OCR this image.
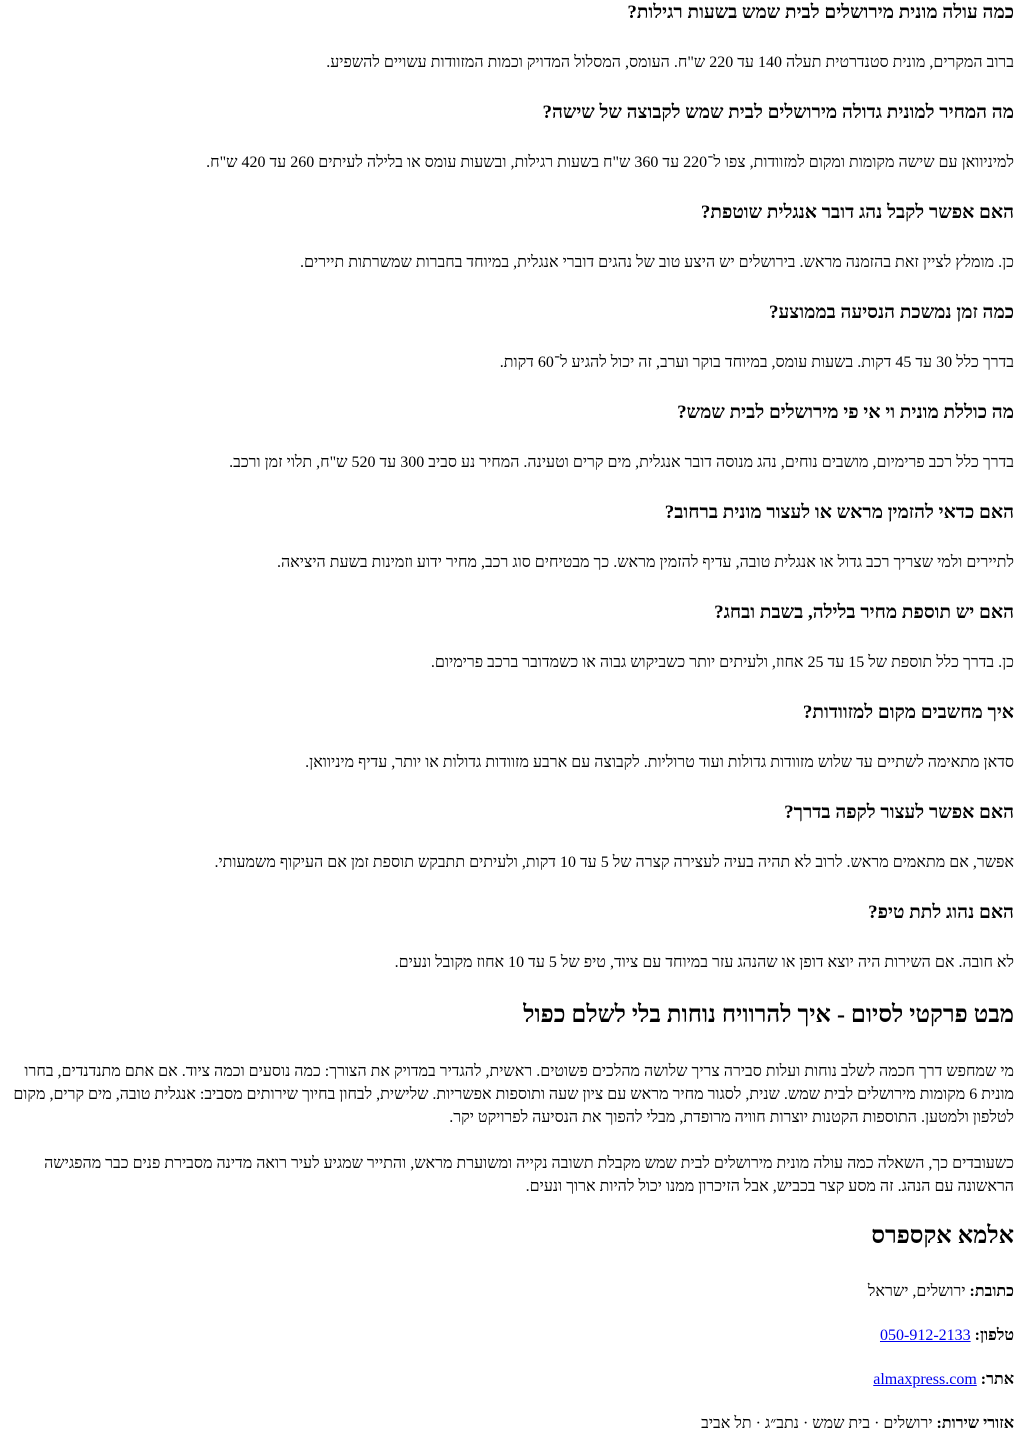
כמה עולה מונית מירושלים לבית שמש בשעות רגילות?

ברוב המקרים, מונית סטנדרטית תעלה 140 עד 220 ש"ח. העומס, המסלול המדויק וכמות המזוודות עשויים להשפיע.

מה המחיר למונית גדולה מירושלים לבית שמש לקבוצה של שישה?

למיניוואן עם שישה מקומות ומקום למזוודות, צפו ל־220 עד 360 ש"ח בשעות רגילות, ובשעות עומס או בלילה לעיתים 260 עד 420 ש"ח.

האם אפשר לקבל נהג דובר אנגלית שוטפת?

כן. מומלץ לציין זאת בהזמנה מראש. בירושלים יש היצע טוב של נהגים דוברי אנגלית, במיוחד בחברות שמשרתות תיירים.

כמה זמן נמשכת הנסיעה בממוצע?

בדרך כלל 30 עד 45 דקות. בשעות עומס, במיוחד בוקר וערב, זה יכול להגיע ל־60 דקות.

מה כוללת מונית וי אי פי מירושלים לבית שמש?

בדרך כלל רכב פרימיום, מושבים נוחים, נהג מנוסה דובר אנגלית, מים קרים וטעינה. המחיר נע סביב 300 עד 520 ש"ח, תלוי זמן ורכב.

האם כדאי להזמין מראש או לעצור מונית ברחוב?

לתיירים ולמי שצריך רכב גדול או אנגלית טובה, עדיף להזמין מראש. כך מבטיחים סוג רכב, מחיר ידוע וזמינות בשעת היציאה.

האם יש תוספת מחיר בלילה, בשבת ובחג?

כן. בדרך כלל תוספת של 15 עד 25 אחוז, ולעיתים יותר כשביקוש גבוה או כשמדובר ברכב פרימיום.

איך מחשבים מקום למזוודות?

סדאן מתאימה לשתיים עד שלוש מזוודות גדולות ועוד טרוליות. לקבוצה עם ארבע מזוודות גדולות או יותר, עדיף מיניוואן.

האם אפשר לעצור לקפה בדרך?

אפשר, אם מתאמים מראש. לרוב לא תהיה בעיה לעצירה קצרה של 5 עד 10 דקות, ולעיתים תתבקש תוספת זמן אם העיקוף משמעותי.

האם נהוג לתת טיפ?

לא חובה. אם השירות היה יוצא דופן או שהנהג עזר במיוחד עם ציוד, טיפ של 5 עד 10 אחוז מקובל ונעים.

מבט פרקטי לסיום - איך להרוויח נוחות בלי לשלם כפול

מי שמחפש דרך חכמה לשלב נוחות ועלות סבירה צריך שלושה מהלכים פשוטים. ראשית, להגדיר במדויק את הצורך: כמה נוסעים וכמה ציוד. אם אתם מתנדנדים, בחרו מונית 6 מקומות מירושלים לבית שמש. שנית, לסגור מחיר מראש עם ציון שעה ותוספות אפשריות. שלישית, לבחון בחיוך שירותים מסביב: אנגלית טובה, מים קרים, מקום לטלפון ולמטען. התוספות הקטנות יוצרות חוויה מרופדת, מבלי להפוך את הנסיעה לפרויקט יקר.

כשעובדים כך, השאלה כמה עולה מונית מירושלים לבית שמש מקבלת תשובה נקייה ומשוערת מראש, והתייר שמגיע לעיר רואה מדינה מסבירת פנים כבר מהפגישה הראשונה עם הנהג. זה מסע קצר בכביש, אבל הזיכרון ממנו יכול להיות ארוך ונעים.

אלמא אקספרס

כתובת: ירושלים, ישראל

טלפון: 050-912-2133

אתר: almaxpress.com

אזורי שירות: ירושלים · בית שמש · נתב״ג · תל אביב
